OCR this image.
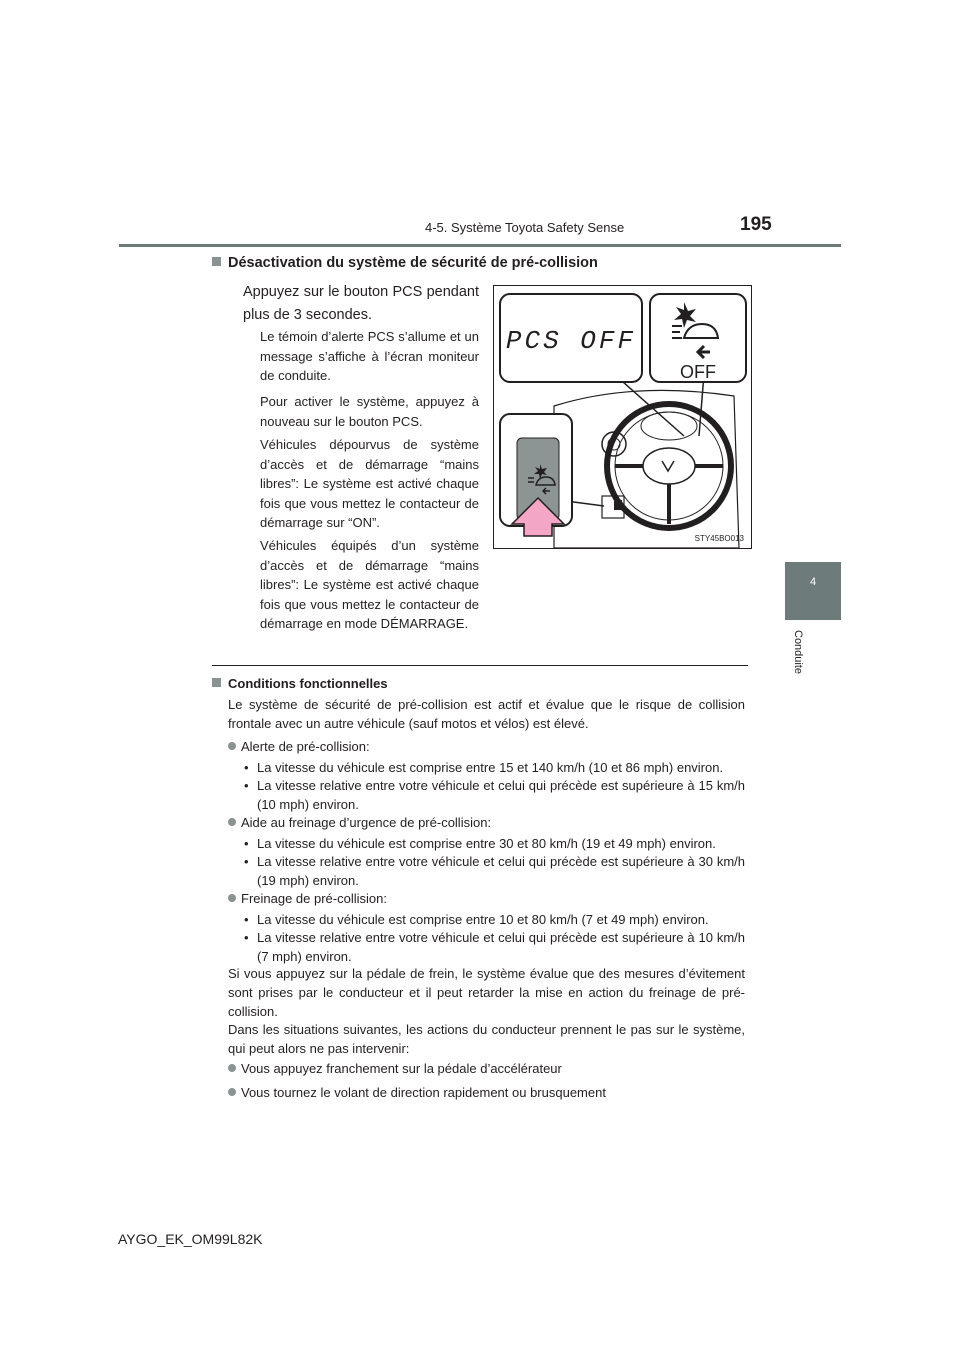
4-5. Système Toyota Safety Sense	195
4
Conduite
Désactivation du système de sécurité de pré-collision
Appuyez sur le bouton PCS pendant plus de 3 secondes.
Le témoin d’alerte PCS s’allume et un message s’affiche à l’écran moniteur de conduite.
Pour activer le système, appuyez à nouveau sur le bouton PCS.
Véhicules dépourvus de système d’accès et de démarrage “mains libres”: Le système est activé chaque fois que vous mettez le contacteur de démarrage sur “ON”.
Véhicules équipés d’un système d’accès et de démarrage “mains libres”: Le système est activé chaque fois que vous mettez le contacteur de démarrage en mode DÉMARRAGE.
PCS OFF
OFF
STY45BO013
Conditions fonctionnelles
Le système de sécurité de pré-collision est actif et évalue que le risque de collision frontale avec un autre véhicule (sauf motos et vélos) est élevé.
Alerte de pré-collision:
• La vitesse du véhicule est comprise entre 15 et 140 km/h (10 et 86 mph) environ.
• La vitesse relative entre votre véhicule et celui qui précède est supérieure à 15 km/h (10 mph) environ.
Aide au freinage d’urgence de pré-collision:
• La vitesse du véhicule est comprise entre 30 et 80 km/h (19 et 49 mph) environ.
• La vitesse relative entre votre véhicule et celui qui précède est supérieure à 30 km/h (19 mph) environ.
Freinage de pré-collision:
• La vitesse du véhicule est comprise entre 10 et 80 km/h (7 et 49 mph) environ.
• La vitesse relative entre votre véhicule et celui qui précède est supérieure à 10 km/h (7 mph) environ.
Si vous appuyez sur la pédale de frein, le système évalue que des mesures d’évitement sont prises par le conducteur et il peut retarder la mise en action du freinage de pré-collision.
Dans les situations suivantes, les actions du conducteur prennent le pas sur le système, qui peut alors ne pas intervenir:
Vous appuyez franchement sur la pédale d’accélérateur
Vous tournez le volant de direction rapidement ou brusquement
AYGO_EK_OM99L82K
